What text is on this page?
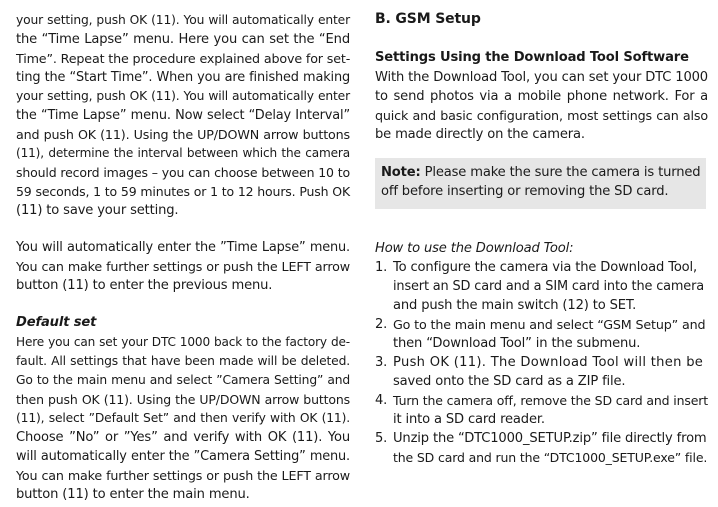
your setting, push OK (11). You will automatically enter
the “Time Lapse” menu. Here you can set the “End
Time”. Repeat the procedure explained above for set-
ting the “Start Time”. When you are finished making
your setting, push OK (11). You will automatically enter
the “Time Lapse” menu. Now select “Delay Interval”
and push OK (11). Using the UP/DOWN arrow buttons
(11), determine the interval between which the camera
should record images – you can choose between 10 to
59 seconds, 1 to 59 minutes or 1 to 12 hours. Push OK
(11) to save your setting.
You will automatically enter the ”Time Lapse” menu.
You can make further settings or push the LEFT arrow
button (11) to enter the previous menu.
Default set
Here you can set your DTC 1000 back to the factory de-
fault. All settings that have been made will be deleted.
Go to the main menu and select ”Camera Setting” and
then push OK (11). Using the UP/DOWN arrow buttons
(11), select ”Default Set” and then verify with OK (11).
Choose ”No” or ”Yes” and verify with OK (11). You
will automatically enter the ”Camera Setting” menu.
You can make further settings or push the LEFT arrow
button (11) to enter the main menu.
B. GSM Setup
Settings Using the Download Tool Software
With the Download Tool, you can set your DTC 1000
to send photos via a mobile phone network. For a
quick and basic configuration, most settings can also
be made directly on the camera.
Note: Please make the sure the camera is turned
off before inserting or removing the SD card.
How to use the Download Tool:
1. To configure the camera via the Download Tool,
insert an SD card and a SIM card into the camera
and push the main switch (12) to SET.
2. Go to the main menu and select “GSM Setup” and
then “Download Tool” in the submenu.
3. Push OK (11). The Download Tool will then be
saved onto the SD card as a ZIP file.
4. Turn the camera off, remove the SD card and insert
it into a SD card reader.
5. Unzip the “DTC1000_SETUP.zip” file directly from
the SD card and run the “DTC1000_SETUP.exe” file.
